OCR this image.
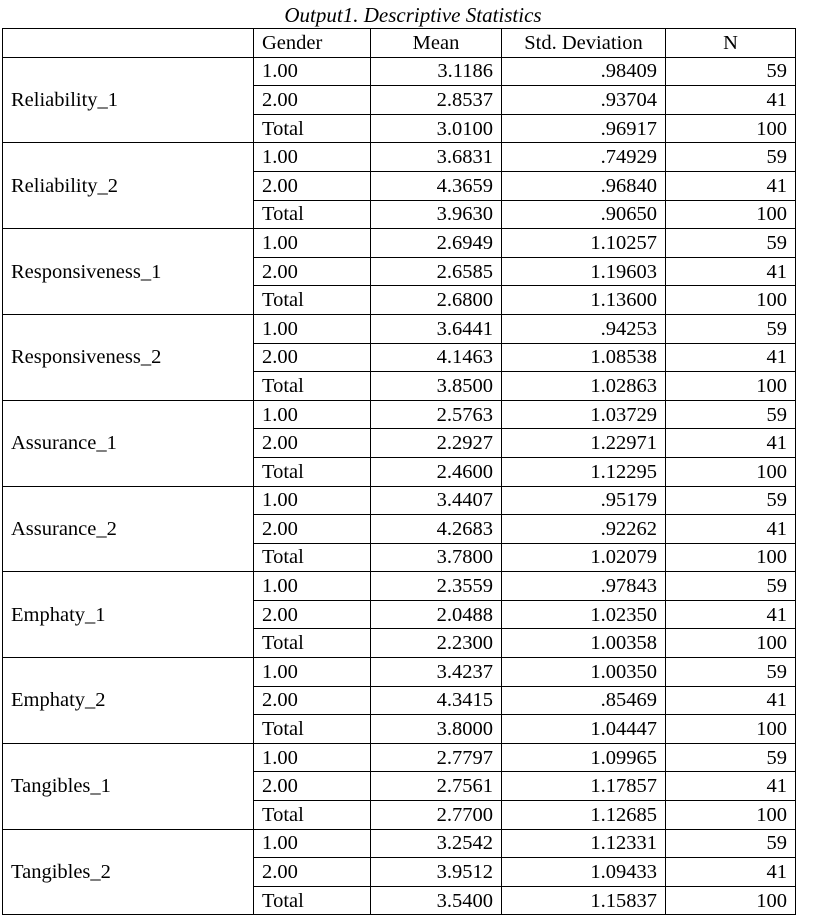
Output1. Descriptive Statistics
	Gender	Mean	Std. Deviation	N
Reliability_1	1.00	3.1186	.98409	59
	2.00	2.8537	.93704	41
	Total	3.0100	.96917	100
Reliability_2	1.00	3.6831	.74929	59
	2.00	4.3659	.96840	41
	Total	3.9630	.90650	100
Responsiveness_1	1.00	2.6949	1.10257	59
	2.00	2.6585	1.19603	41
	Total	2.6800	1.13600	100
Responsiveness_2	1.00	3.6441	.94253	59
	2.00	4.1463	1.08538	41
	Total	3.8500	1.02863	100
Assurance_1	1.00	2.5763	1.03729	59
	2.00	2.2927	1.22971	41
	Total	2.4600	1.12295	100
Assurance_2	1.00	3.4407	.95179	59
	2.00	4.2683	.92262	41
	Total	3.7800	1.02079	100
Emphaty_1	1.00	2.3559	.97843	59
	2.00	2.0488	1.02350	41
	Total	2.2300	1.00358	100
Emphaty_2	1.00	3.4237	1.00350	59
	2.00	4.3415	.85469	41
	Total	3.8000	1.04447	100
Tangibles_1	1.00	2.7797	1.09965	59
	2.00	2.7561	1.17857	41
	Total	2.7700	1.12685	100
Tangibles_2	1.00	3.2542	1.12331	59
	2.00	3.9512	1.09433	41
	Total	3.5400	1.15837	100
